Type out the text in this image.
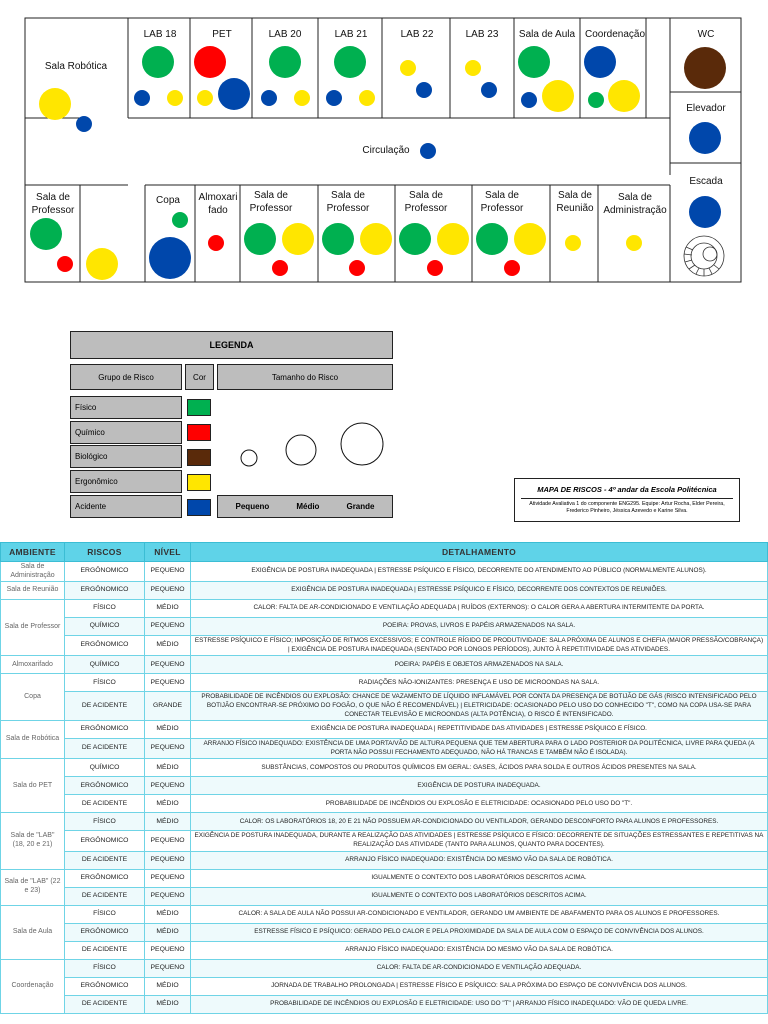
Sala Robótica
LAB 18	PET	LAB 20	LAB 21	LAB 22	LAB 23	Sala de Aula Coordenação	WC
Elevador
Escada
Circulação
Sala de
Professor
Copa	Almoxari
fado
Sala de
Professor
Sala de
Professor
Sala de
Professor
Sala de
Professor
Sala de
Reunião
Sala de
Administração
LEGENDA
Grupo de Risco	Cor	Tamanho do Risco
Físico
Químico
Biológico
Ergonômico
Acidente	Pequeno	Médio	Grande
MAPA DE RISCOS - 4º andar da Escola Politécnica
Atividade Avaliativa 1 do componente ENG295. Equipe: Artur Rocha, Elder Pereira, Frederico Pinheiro, Jéssica Azevedo e Karine Silva.
AMBIENTE	RISCOS	NÍVEL	DETALHAMENTO
Sala de Administração	ERGÔNOMICO	PEQUENO	EXIGÊNCIA DE POSTURA INADEQUADA | ESTRESSE PSÍQUICO E FÍSICO, DECORRENTE DO ATENDIMENTO AO PÚBLICO (NORMALMENTE ALUNOS).
Sala de Reunião	ERGÔNOMICO	PEQUENO	EXIGÊNCIA DE POSTURA INADEQUADA | ESTRESSE PSÍQUICO E FÍSICO, DECORRENTE DOS CONTEXTOS DE REUNIÕES.
Sala de Professor	FÍSICO	MÉDIO	CALOR: FALTA DE AR-CONDICIONADO E VENTILAÇÃO ADEQUADA | RUÍDOS (EXTERNOS): O CALOR GERA A ABERTURA INTERMITENTE DA PORTA.
	QUÍMICO	PEQUENO	POEIRA: PROVAS, LIVROS E PAPÉIS ARMAZENADOS NA SALA.
	ERGÔNOMICO	MÉDIO	ESTRESSE PSÍQUICO E FÍSICO; IMPOSIÇÃO DE RITMOS EXCESSIVOS; E CONTROLE RÍGIDO DE PRODUTIVIDADE: SALA PRÓXIMA DE ALUNOS E CHEFIA (MAIOR PRESSÃO/COBRANÇA) | EXIGÊNCIA DE POSTURA INADEQUADA (SENTADO POR LONGOS PERÍODOS), JUNTO À REPETITIVIDADE DAS ATIVIDADES.
Almoxarifado	QUÍMICO	PEQUENO	POEIRA: PAPÉIS E OBJETOS ARMAZENADOS NA SALA.
Copa	FÍSICO	PEQUENO	RADIAÇÕES NÃO-IONIZANTES: PRESENÇA E USO DE MICROONDAS NA SALA.
	DE ACIDENTE	GRANDE	PROBABILIDADE DE INCÊNDIOS OU EXPLOSÃO: CHANCE DE VAZAMENTO DE LÍQUIDO INFLAMÁVEL POR CONTA DA PRESENÇA DE BOTIJÃO DE GÁS (RISCO INTENSIFICADO PELO BOTIJÃO ENCONTRAR-SE PRÓXIMO DO FOGÃO, O QUE NÃO É RECOMENDÁVEL) | ELETRICIDADE: OCASIONADO PELO USO DO CONHECIDO "T", COMO NA COPA USA-SE PARA CONECTAR TELEVISÃO E MICROONDAS (ALTA POTÊNCIA), O RISCO É INTENSIFICADO.
Sala de Robótica	ERGÔNOMICO	MÉDIO	EXIGÊNCIA DE POSTURA INADEQUADA | REPETITIVIDADE DAS ATIVIDADES | ESTRESSE PSÍQUICO E FÍSICO.
	DE ACIDENTE	PEQUENO	ARRANJO FÍSICO INADEQUADO: EXISTÊNCIA DE UMA PORTA/VÃO DE ALTURA PEQUENA QUE TEM ABERTURA PARA O LADO POSTERIOR DA POLITÉCNICA, LIVRE PARA QUEDA (A PORTA NÃO POSSUI FECHAMENTO ADEQUADO, NÃO HÁ TRANCAS E TAMBÉM NÃO É ISOLADA).
Sala do PET	QUÍMICO	MÉDIO	SUBSTÂNCIAS, COMPOSTOS OU PRODUTOS QUÍMICOS EM GERAL: GASES, ÁCIDOS PARA SOLDA E OUTROS ÁCIDOS PRESENTES NA SALA.
	ERGÔNOMICO	PEQUENO	EXIGÊNCIA DE POSTURA INADEQUADA.
	DE ACIDENTE	MÉDIO	PROBABILIDADE DE INCÊNDIOS OU EXPLOSÃO E ELETRICIDADE: OCASIONADO PELO USO DO "T".
Sala de "LAB" (18, 20 e 21)	FÍSICO	MÉDIO	CALOR: OS LABORATÓRIOS 18, 20 E 21 NÃO POSSUEM AR-CONDICIONADO OU VENTILADOR, GERANDO DESCONFORTO PARA ALUNOS E PROFESSORES.
	ERGÔNOMICO	PEQUENO	EXIGÊNCIA DE POSTURA INADEQUADA, DURANTE A REALIZAÇÃO DAS ATIVIDADES | ESTRESSE PSÍQUICO E FÍSICO: DECORRENTE DE SITUAÇÕES ESTRESSANTES E REPETITIVAS NA REALIZAÇÃO DAS ATIVIDADE (TANTO PARA ALUNOS, QUANTO PARA DOCENTES).
	DE ACIDENTE	PEQUENO	ARRANJO FÍSICO INADEQUADO: EXISTÊNCIA DO MESMO VÃO DA SALA DE ROBÓTICA.
Sala de "LAB" (22 e 23)	ERGÔNOMICO	PEQUENO	IGUALMENTE O CONTEXTO DOS LABORATÓRIOS DESCRITOS ACIMA.
	DE ACIDENTE	PEQUENO	IGUALMENTE O CONTEXTO DOS LABORATÓRIOS DESCRITOS ACIMA.
Sala de Aula	FÍSICO	MÉDIO	CALOR: A SALA DE AULA NÃO POSSUI AR-CONDICIONADO E VENTILADOR, GERANDO UM AMBIENTE DE ABAFAMENTO PARA OS ALUNOS E PROFESSORES.
	ERGÔNOMICO	MÉDIO	ESTRESSE FÍSICO E PSÍQUICO: GERADO PELO CALOR E PELA PROXIMIDADE DA SALA DE AULA COM O ESPAÇO DE CONVIVÊNCIA DOS ALUNOS.
	DE ACIDENTE	PEQUENO	ARRANJO FÍSICO INADEQUADO: EXISTÊNCIA DO MESMO VÃO DA SALA DE ROBÓTICA.
Coordenação	FÍSICO	PEQUENO	CALOR: FALTA DE AR-CONDICIONADO E VENTILAÇÃO ADEQUADA.
	ERGÔNOMICO	MÉDIO	JORNADA DE TRABALHO PROLONGADA | ESTRESSE FÍSICO E PSÍQUICO: SALA PRÓXIMA DO ESPAÇO DE CONVIVÊNCIA DOS ALUNOS.
	DE ACIDENTE	MÉDIO	PROBABILIDADE DE INCÊNDIOS OU EXPLOSÃO E ELETRICIDADE: USO DO "T" | ARRANJO FÍSICO INADEQUADO: VÃO DE QUEDA LIVRE.
